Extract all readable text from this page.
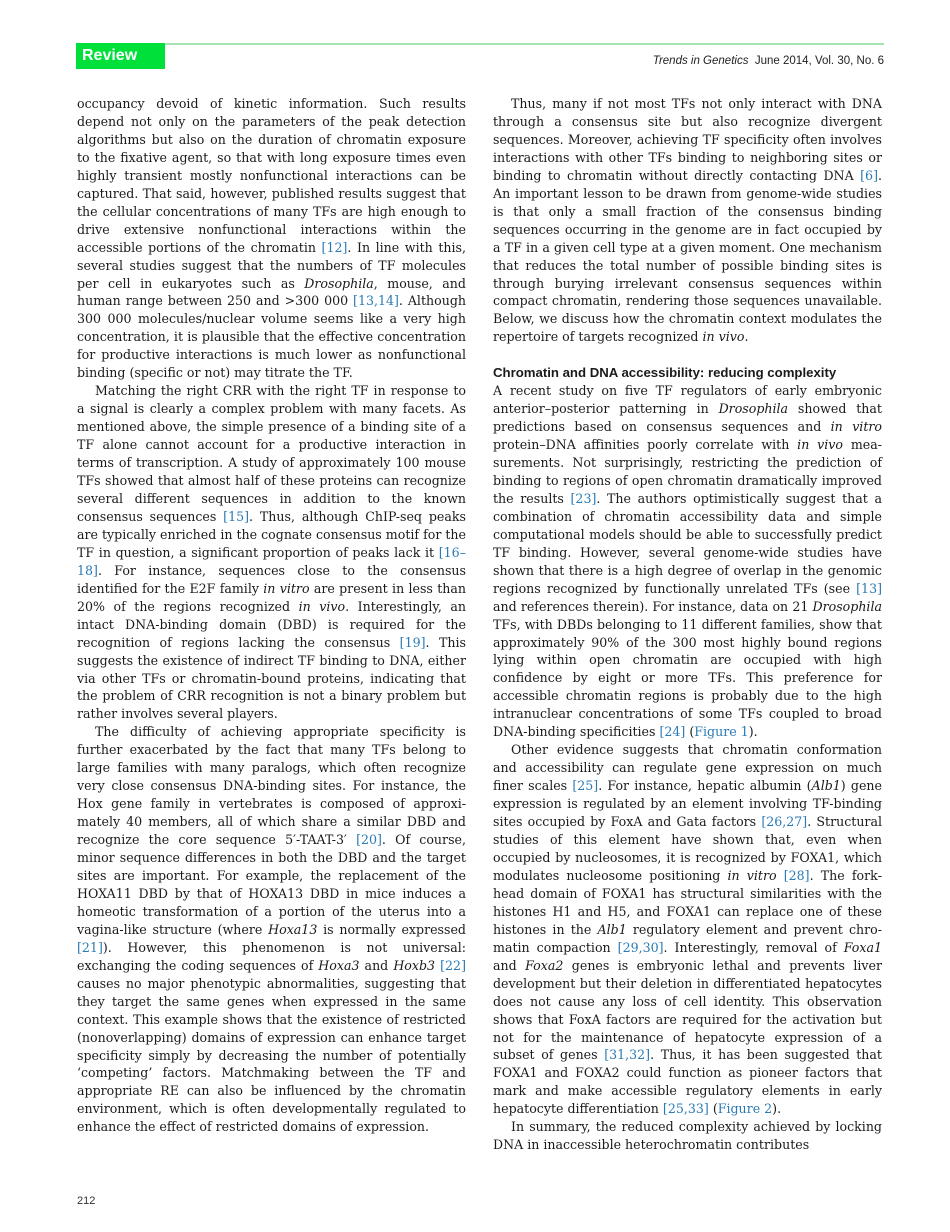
Review	Trends in Genetics June 2014, Vol. 30, No. 6

occupancy devoid of kinetic information. Such results depend not only on the parameters of the peak detection algorithms but also on the duration of chromatin exposure to the fixative agent, so that with long exposure times even highly transient mostly nonfunctional interactions can be captured. That said, however, published results suggest that the cellular concentrations of many TFs are high enough to drive extensive nonfunctional interactions within the accessible portions of the chromatin [12]. In line with this, several studies suggest that the numbers of TF molecules per cell in eukaryotes such as Drosophila, mouse, and human range between 250 and >300 000 [13,14]. Although 300 000 molecules/nuclear volume seems like a very high concentration, it is plausible that the effective concentration for productive interactions is much lower as nonfunctional binding (specific or not) may titrate the TF.

Matching the right CRR with the right TF in response to a signal is clearly a complex problem with many facets. As mentioned above, the simple presence of a binding site of a TF alone cannot account for a productive interaction in terms of transcription. A study of approximately 100 mouse TFs showed that almost half of these proteins can recognize several different sequences in addition to the known consensus sequences [15]. Thus, although ChIP-seq peaks are typically enriched in the cognate consensus motif for the TF in question, a significant proportion of peaks lack it [16–18]. For instance, sequences close to the consensus identified for the E2F family in vitro are present in less than 20% of the regions recognized in vivo. Interestingly, an intact DNA-binding domain (DBD) is required for the recognition of regions lacking the consensus [19]. This suggests the existence of indirect TF binding to DNA, either via other TFs or chromatin-bound proteins, indicating that the problem of CRR recognition is not a binary problem but rather involves several players.

The difficulty of achieving appropriate specificity is further exacerbated by the fact that many TFs belong to large families with many paralogs, which often recognize very close consensus DNA-binding sites. For instance, the Hox gene family in vertebrates is composed of approximately 40 members, all of which share a similar DBD and recognize the core sequence 5′-TAAT-3′ [20]. Of course, minor sequence differences in both the DBD and the target sites are important. For example, the replacement of the HOXA11 DBD by that of HOXA13 DBD in mice induces a homeotic transformation of a portion of the uterus into a vagina-like structure (where Hoxa13 is normally expressed [21]). However, this phenomenon is not universal: exchanging the coding sequences of Hoxa3 and Hoxb3 [22] causes no major phenotypic abnormalities, suggesting that they target the same genes when expressed in the same context. This example shows that the existence of restricted (nonoverlapping) domains of expression can enhance target specificity simply by decreasing the number of potentially ‘competing’ factors. Matchmaking between the TF and appropriate RE can also be influenced by the chromatin environment, which is often developmentally regulated to enhance the effect of restricted domains of expression.

Thus, many if not most TFs not only interact with DNA through a consensus site but also recognize divergent sequences. Moreover, achieving TF specificity often involves interactions with other TFs binding to neighboring sites or binding to chromatin without directly contacting DNA [6]. An important lesson to be drawn from genome-wide studies is that only a small fraction of the consensus binding sequences occurring in the genome are in fact occupied by a TF in a given cell type at a given moment. One mechanism that reduces the total number of possible binding sites is through burying irrelevant consensus sequences within compact chromatin, rendering those sequences unavailable. Below, we discuss how the chromatin context modulates the repertoire of targets recognized in vivo.

Chromatin and DNA accessibility: reducing complexity

A recent study on five TF regulators of early embryonic anterior–posterior patterning in Drosophila showed that predictions based on consensus sequences and in vitro protein–DNA affinities poorly correlate with in vivo measurements. Not surprisingly, restricting the prediction of binding to regions of open chromatin dramatically improved the results [23]. The authors optimistically suggest that a combination of chromatin accessibility data and simple computational models should be able to successfully predict TF binding. However, several genome-wide studies have shown that there is a high degree of overlap in the genomic regions recognized by functionally unrelated TFs (see [13] and references therein). For instance, data on 21 Drosophila TFs, with DBDs belonging to 11 different families, show that approximately 90% of the 300 most highly bound regions lying within open chromatin are occupied with high confidence by eight or more TFs. This preference for accessible chromatin regions is probably due to the high intranuclear concentrations of some TFs coupled to broad DNA-binding specificities [24] (Figure 1).

Other evidence suggests that chromatin conformation and accessibility can regulate gene expression on much finer scales [25]. For instance, hepatic albumin (Alb1) gene expression is regulated by an element involving TF-binding sites occupied by FoxA and Gata factors [26,27]. Structural studies of this element have shown that, even when occupied by nucleosomes, it is recognized by FOXA1, which modulates nucleosome positioning in vitro [28]. The forkhead domain of FOXA1 has structural similarities with the histones H1 and H5, and FOXA1 can replace one of these histones in the Alb1 regulatory element and prevent chromatin compaction [29,30]. Interestingly, removal of Foxa1 and Foxa2 genes is embryonic lethal and prevents liver development but their deletion in differentiated hepatocytes does not cause any loss of cell identity. This observation shows that FoxA factors are required for the activation but not for the maintenance of hepatocyte expression of a subset of genes [31,32]. Thus, it has been suggested that FOXA1 and FOXA2 could function as pioneer factors that mark and make accessible regulatory elements in early hepatocyte differentiation [25,33] (Figure 2).

In summary, the reduced complexity achieved by locking DNA in inaccessible heterochromatin contributes

212
